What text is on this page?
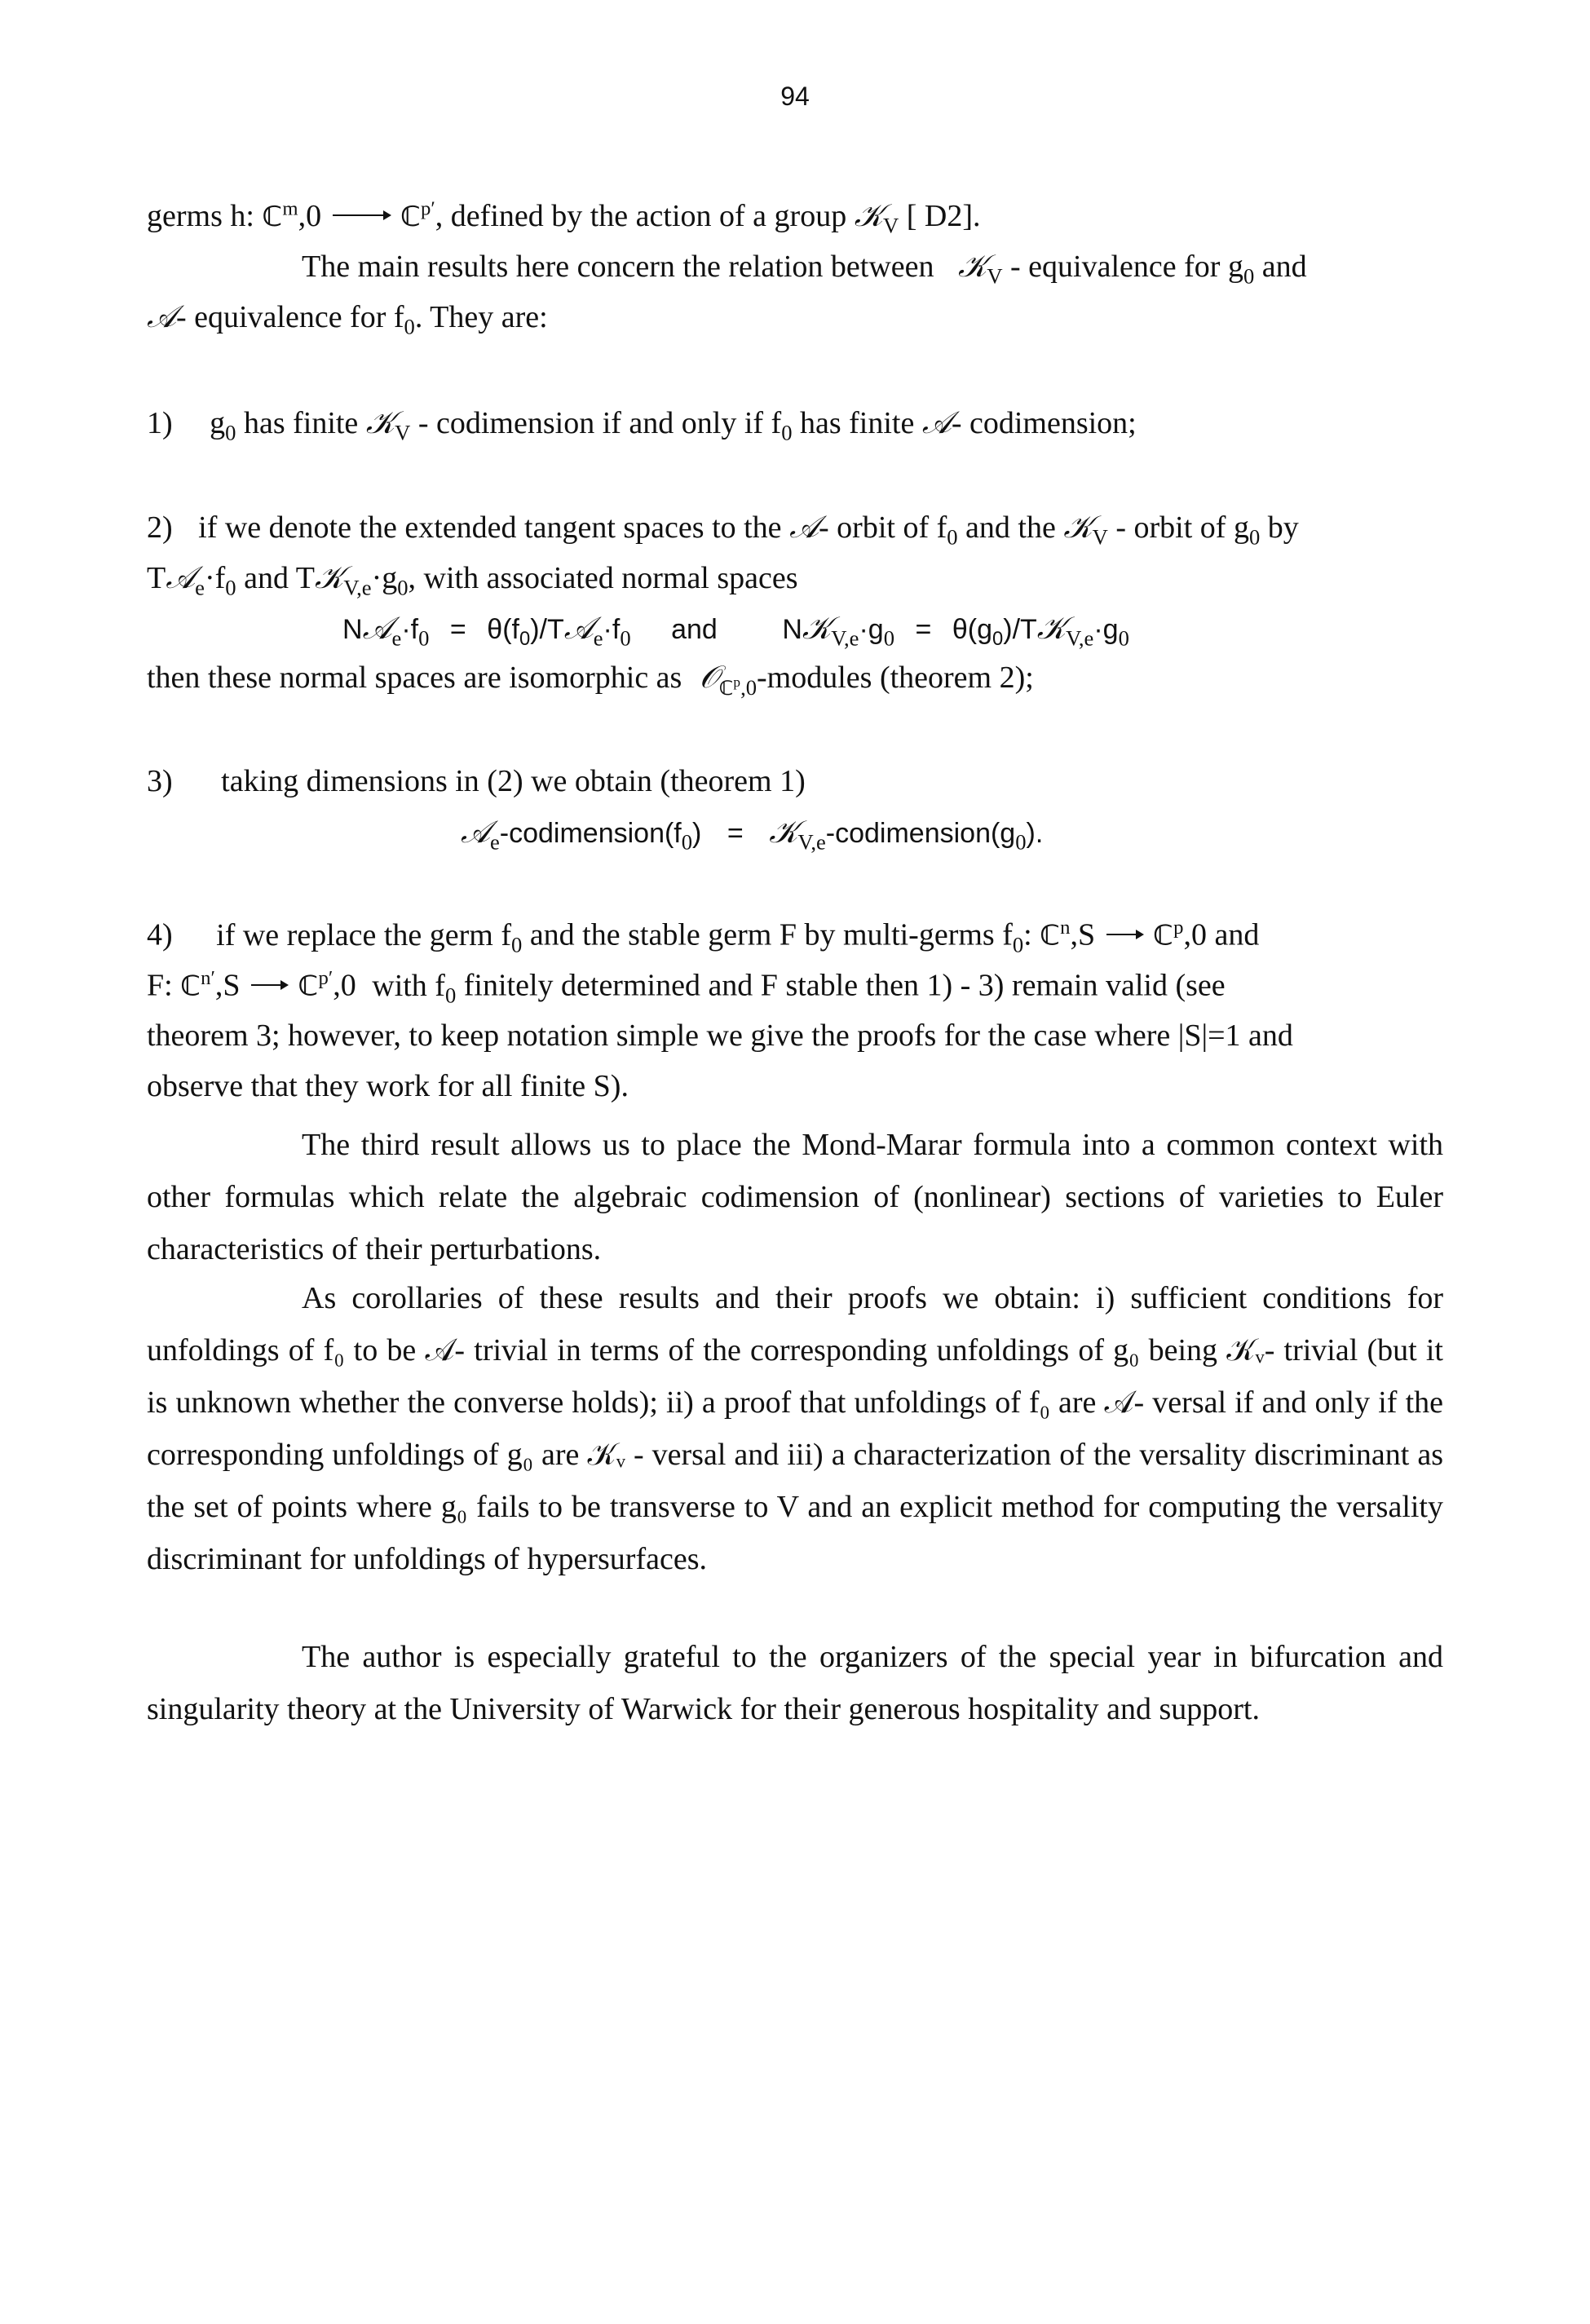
94
germs h: ℂ$^m$,0	ℂ$^{p'}$, defined by the action of a group 𝒦$_V$ [ D2].
The main results here concern the relation between 𝒦$_V$ - equivalence for $g_0$ and
𝒜- equivalence for $f_0$. They are:
1) $g_0$ has finite 𝒦$_V$ - codimension if and only if $f_0$ has finite 𝒜- codimension;
2) if we denote the extended tangent spaces to the 𝒜- orbit of $f_0$ and the 𝒦$_V$ - orbit of $g_0$ by
$T𝒜_e\cdot f_0$ and $T𝒦_{V,e}\cdot g_0$, with associated normal spaces
$N𝒜_e\cdot f_0$ = $\theta(f_0)/T𝒜_e\cdot f_0$ and $N𝒦_{V,e}\cdot g_0$ = $\theta(g_0)/T𝒦_{V,e}\cdot g_0$
then these normal spaces are isomorphic as 𝒪$_{ℂ^p,0}$-modules (theorem 2);
3) taking dimensions in (2) we obtain (theorem 1)
$𝒜_e-codimension(f_0)$ = $𝒦_{V,e}-codimension(g_0)$.
4) if we replace the germ $f_0$ and the stable germ F by multi-germs $f_0$: ℂ$^n$,S ℂ$^p$,0 and
F: ℂ$^{n'}$,S  ℂ$^{p'}$,0 with $f_0$ finitely determined and F stable then 1) - 3) remain valid (see
theorem 3; however, to keep notation simple we give the proofs for the case where |S|=1 and
observe that they work for all finite S).
The third result allows us to place the Mond-Marar formula into a common context with other formulas which relate the algebraic codimension of (nonlinear) sections of varieties to Euler characteristics of their perturbations.
As corollaries of these results and their proofs we obtain: i) sufficient conditions for unfoldings of f₀ to be 𝒜- trivial in terms of the corresponding unfoldings of g₀ being 𝒦ᵥ- trivial (but it is unknown whether the converse holds); ii) a proof that unfoldings of f₀ are 𝒜- versal if and only if the corresponding unfoldings of g₀ are 𝒦ᵥ - versal and iii) a characterization of the versality discriminant as the set of points where g₀ fails to be transverse to V and an explicit method for computing the versality discriminant for unfoldings of hypersurfaces.
The author is especially grateful to the organizers of the special year in bifurcation and singularity theory at the University of Warwick for their generous hospitality and support.
